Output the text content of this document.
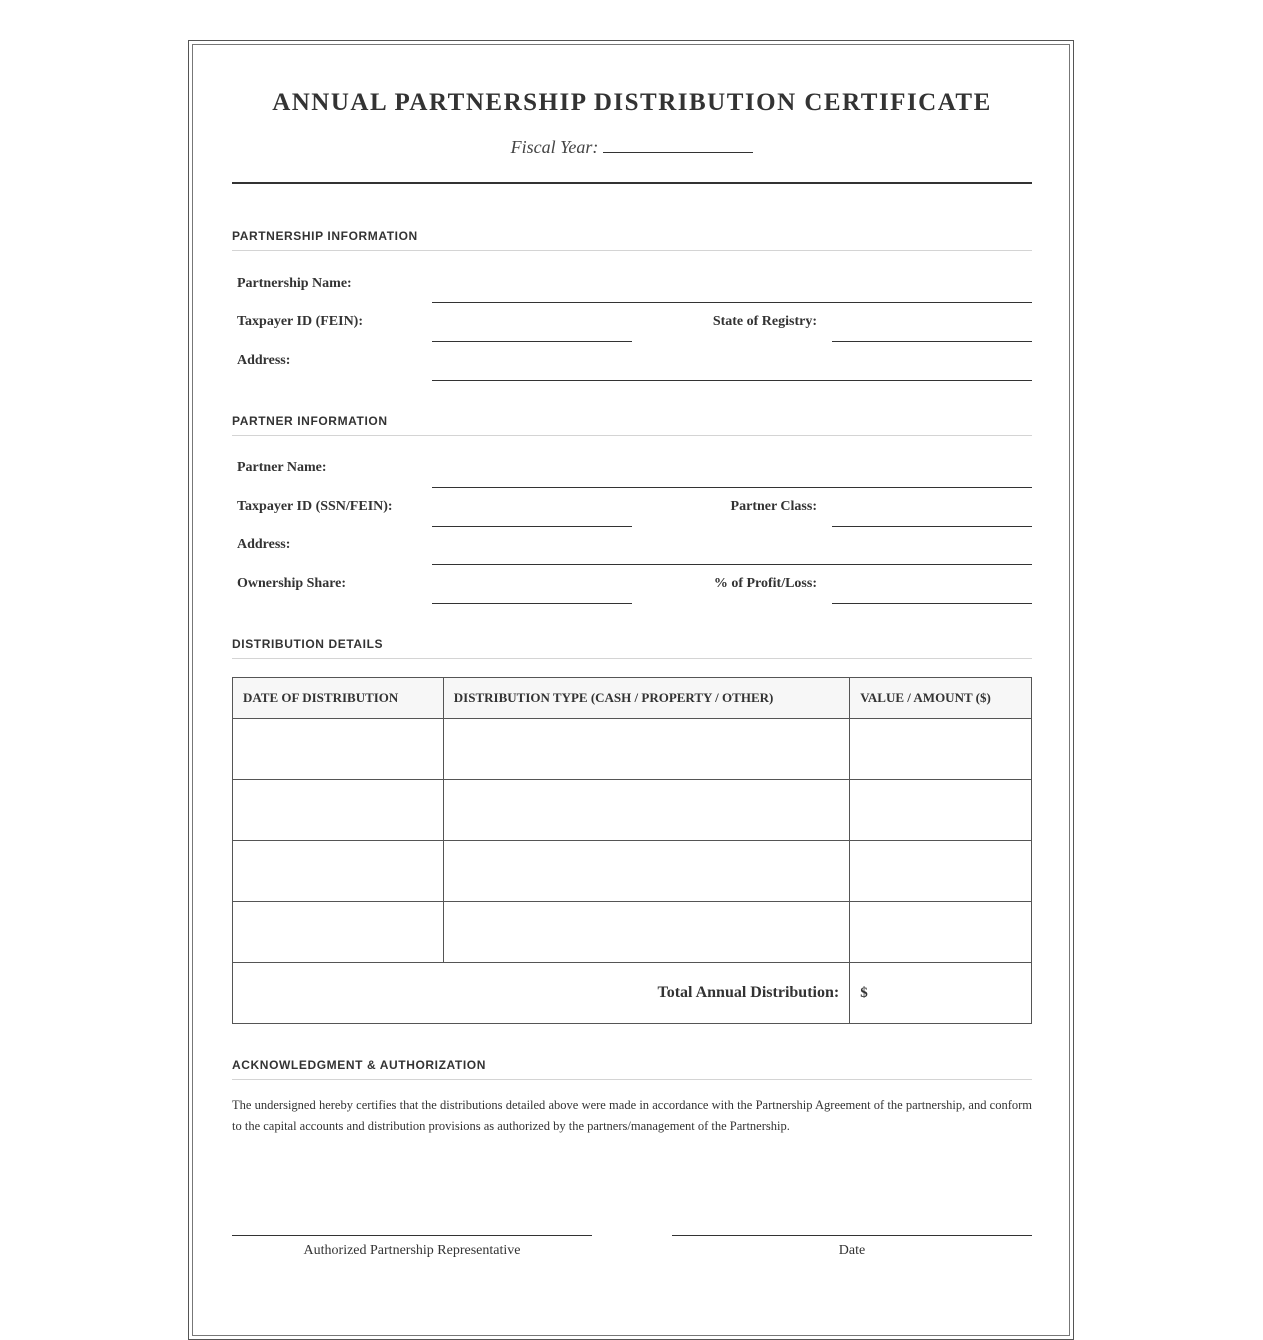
ANNUAL PARTNERSHIP DISTRIBUTION CERTIFICATE
Fiscal Year:
PARTNERSHIP INFORMATION
Partnership Name:
Taxpayer ID (FEIN):	State of Registry:
Address:
PARTNER INFORMATION
Partner Name:
Taxpayer ID (SSN/FEIN):	Partner Class:
Address:
Ownership Share:	% of Profit/Loss:
DISTRIBUTION DETAILS
DATE OF DISTRIBUTION	DISTRIBUTION TYPE (CASH / PROPERTY / OTHER)	VALUE / AMOUNT ($)

Total Annual Distribution:		$
ACKNOWLEDGMENT & AUTHORIZATION
The undersigned hereby certifies that the distributions detailed above were made in accordance with the Partnership Agreement of the partnership, and conform to the capital accounts and distribution provisions as authorized by the partners/management of the Partnership.
Authorized Partnership Representative	Date
